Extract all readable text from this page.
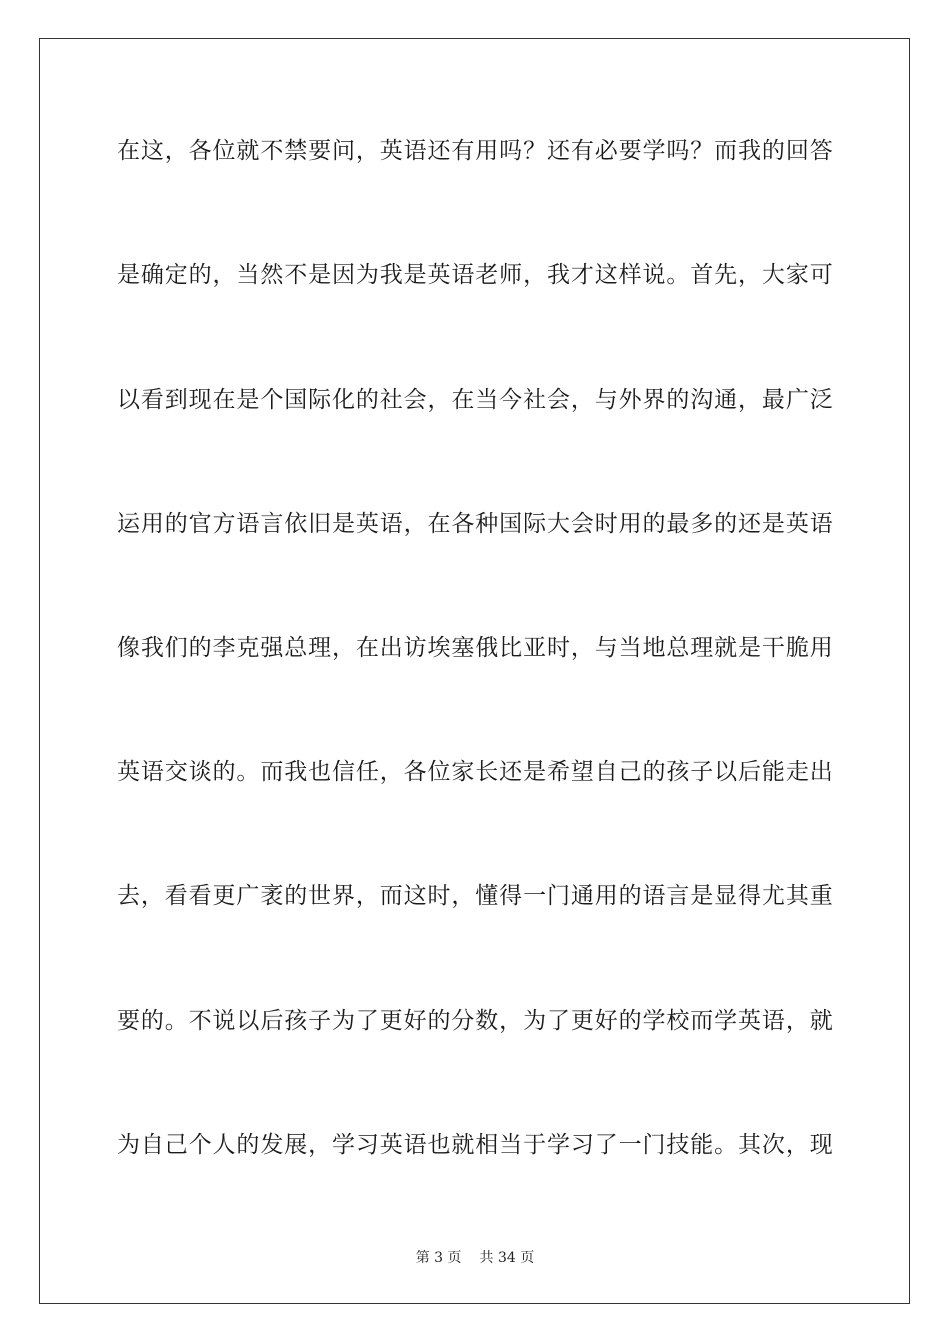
在这，各位就不禁要问，英语还有用吗？还有必要学吗？而我的回答
是确定的，当然不是因为我是英语老师，我才这样说。首先，大家可
以看到现在是个国际化的社会，在当今社会，与外界的沟通，最广泛
运用的官方语言依旧是英语，在各种国际大会时用的最多的还是英语
像我们的李克强总理，在出访埃塞俄比亚时，与当地总理就是干脆用
英语交谈的。而我也信任，各位家长还是希望自己的孩子以后能走出
去，看看更广袤的世界，而这时，懂得一门通用的语言是显得尤其重
要的。不说以后孩子为了更好的分数，为了更好的学校而学英语，就
为自己个人的发展，学习英语也就相当于学习了一门技能。其次，现
第 3 页 共 34 页
